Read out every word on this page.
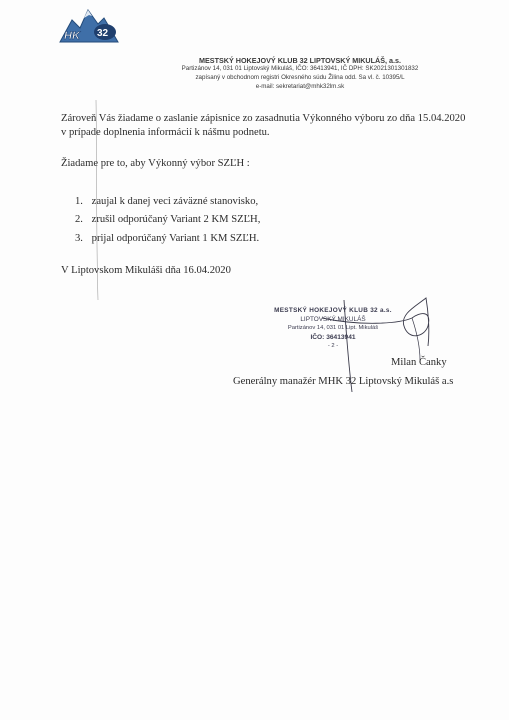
HK 32
MESTSKÝ HOKEJOVÝ KLUB 32 LIPTOVSKÝ MIKULÁŠ, a.s.
Partizánov 14, 031 01 Liptovský Mikuláš, IČO: 36413941, IČ DPH: SK2021301301832
zapísaný v obchodnom registri Okresného súdu Žilina odd. Sa vl. č. 10395/L
e-mail: sekretariat@mhk32lm.sk
Zároveň Vás žiadame o zaslanie zápisnice zo zasadnutia Výkonného výboru zo dňa 15.04.2020
v prípade doplnenia informácií k nášmu podnetu.
Žiadame pre to, aby Výkonný výbor SZĽH :
1. zaujal k danej veci záväzné stanovisko,
2. zrušil odporúčaný Variant 2 KM SZĽH,
3. prijal odporúčaný Variant 1 KM SZĽH.
V Liptovskom Mikuláši dňa 16.04.2020
MESTSKÝ HOKEJOVÝ KLUB 32 a.s.
LIPTOVSKÝ MIKULÁŠ
Partizánov 14, 031 01 Lipt. Mikuláš
IČO: 36413941
- 2 -
Milan Čanky
Generálny manažér MHK 32 Liptovský Mikuláš a.s
